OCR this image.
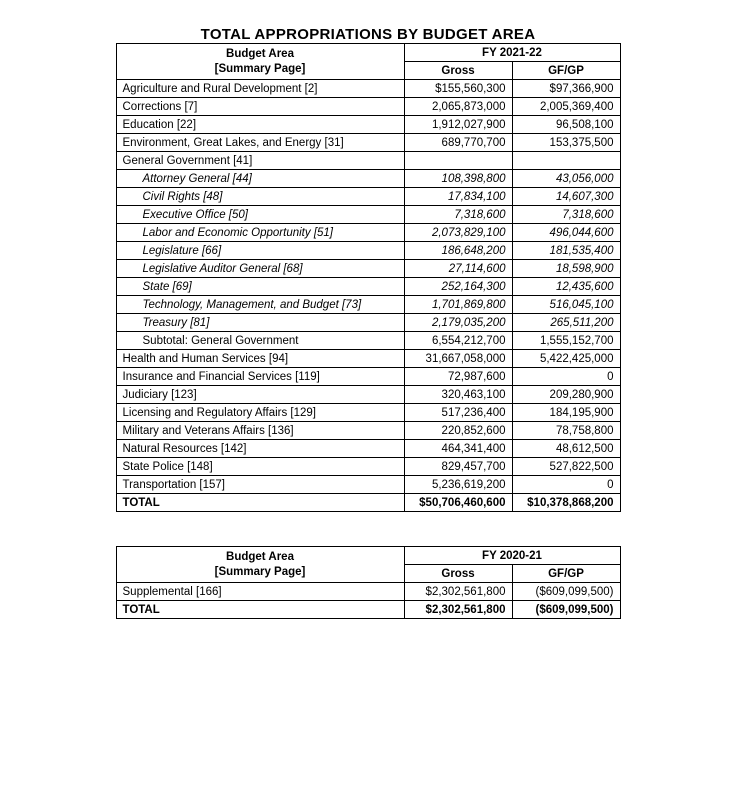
TOTAL APPROPRIATIONS BY BUDGET AREA
Budget Area
[Summary Page]	FY 2021-22	
	Gross	GF/GP
Agriculture and Rural Development [2]	$155,560,300	$97,366,900
Corrections [7]	2,065,873,000	2,005,369,400
Education [22]	1,912,027,900	96,508,100
Environment, Great Lakes, and Energy [31]	689,770,700	153,375,500
General Government [41]		
Attorney General [44]	108,398,800	43,056,000
Civil Rights [48]	17,834,100	14,607,300
Executive Office [50]	7,318,600	7,318,600
Labor and Economic Opportunity [51]	2,073,829,100	496,044,600
Legislature [66]	186,648,200	181,535,400
Legislative Auditor General [68]	27,114,600	18,598,900
State [69]	252,164,300	12,435,600
Technology, Management, and Budget [73]	1,701,869,800	516,045,100
Treasury [81]	2,179,035,200	265,511,200
Subtotal: General Government	6,554,212,700	1,555,152,700
Health and Human Services [94]	31,667,058,000	5,422,425,000
Insurance and Financial Services [119]	72,987,600	0
Judiciary [123]	320,463,100	209,280,900
Licensing and Regulatory Affairs [129]	517,236,400	184,195,900
Military and Veterans Affairs [136]	220,852,600	78,758,800
Natural Resources [142]	464,341,400	48,612,500
State Police [148]	829,457,700	527,822,500
Transportation [157]	5,236,619,200	0
TOTAL	$50,706,460,600	$10,378,868,200
Budget Area
[Summary Page]	FY 2020-21	
	Gross	GF/GP
Supplemental [166]	$2,302,561,800	($609,099,500)
TOTAL	$2,302,561,800	($609,099,500)
